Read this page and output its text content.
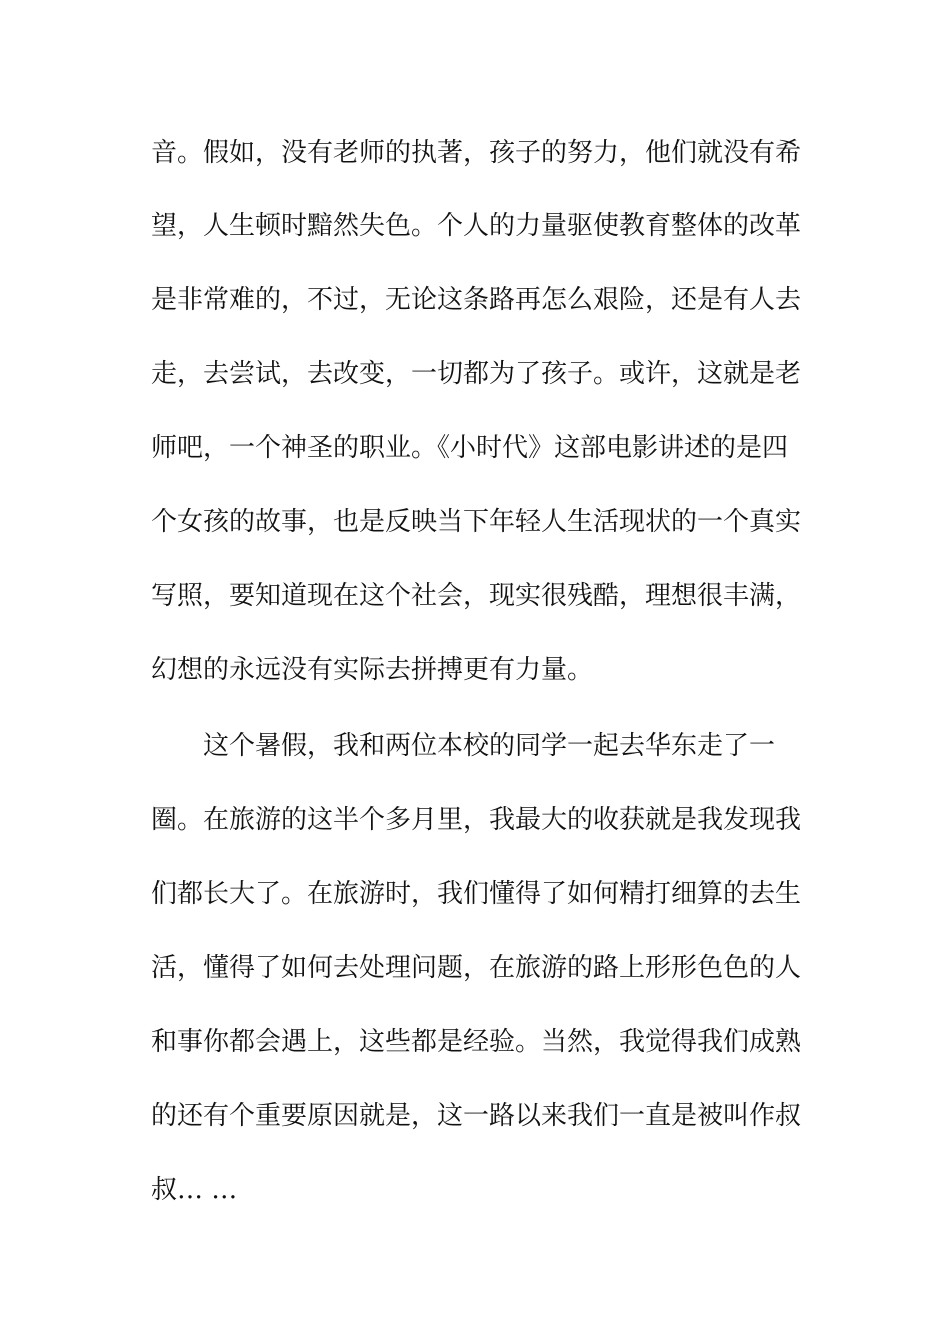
音。假如，没有老师的执著，孩子的努力，他们就没有希
望，人生顿时黯然失色。个人的力量驱使教育整体的改革
是非常难的，不过，无论这条路再怎么艰险，还是有人去
走，去尝试，去改变，一切都为了孩子。或许，这就是老
师吧，一个神圣的职业。《小时代》这部电影讲述的是四
个女孩的故事，也是反映当下年轻人生活现状的一个真实
写照，要知道现在这个社会，现实很残酷，理想很丰满，
幻想的永远没有实际去拼搏更有力量。
这个暑假，我和两位本校的同学一起去华东走了一
圈。在旅游的这半个多月里，我最大的收获就是我发现我
们都长大了。在旅游时，我们懂得了如何精打细算的去生
活，懂得了如何去处理问题，在旅游的路上形形色色的人
和事你都会遇上，这些都是经验。当然，我觉得我们成熟
的还有个重要原因就是，这一路以来我们一直是被叫作叔
叔… …
